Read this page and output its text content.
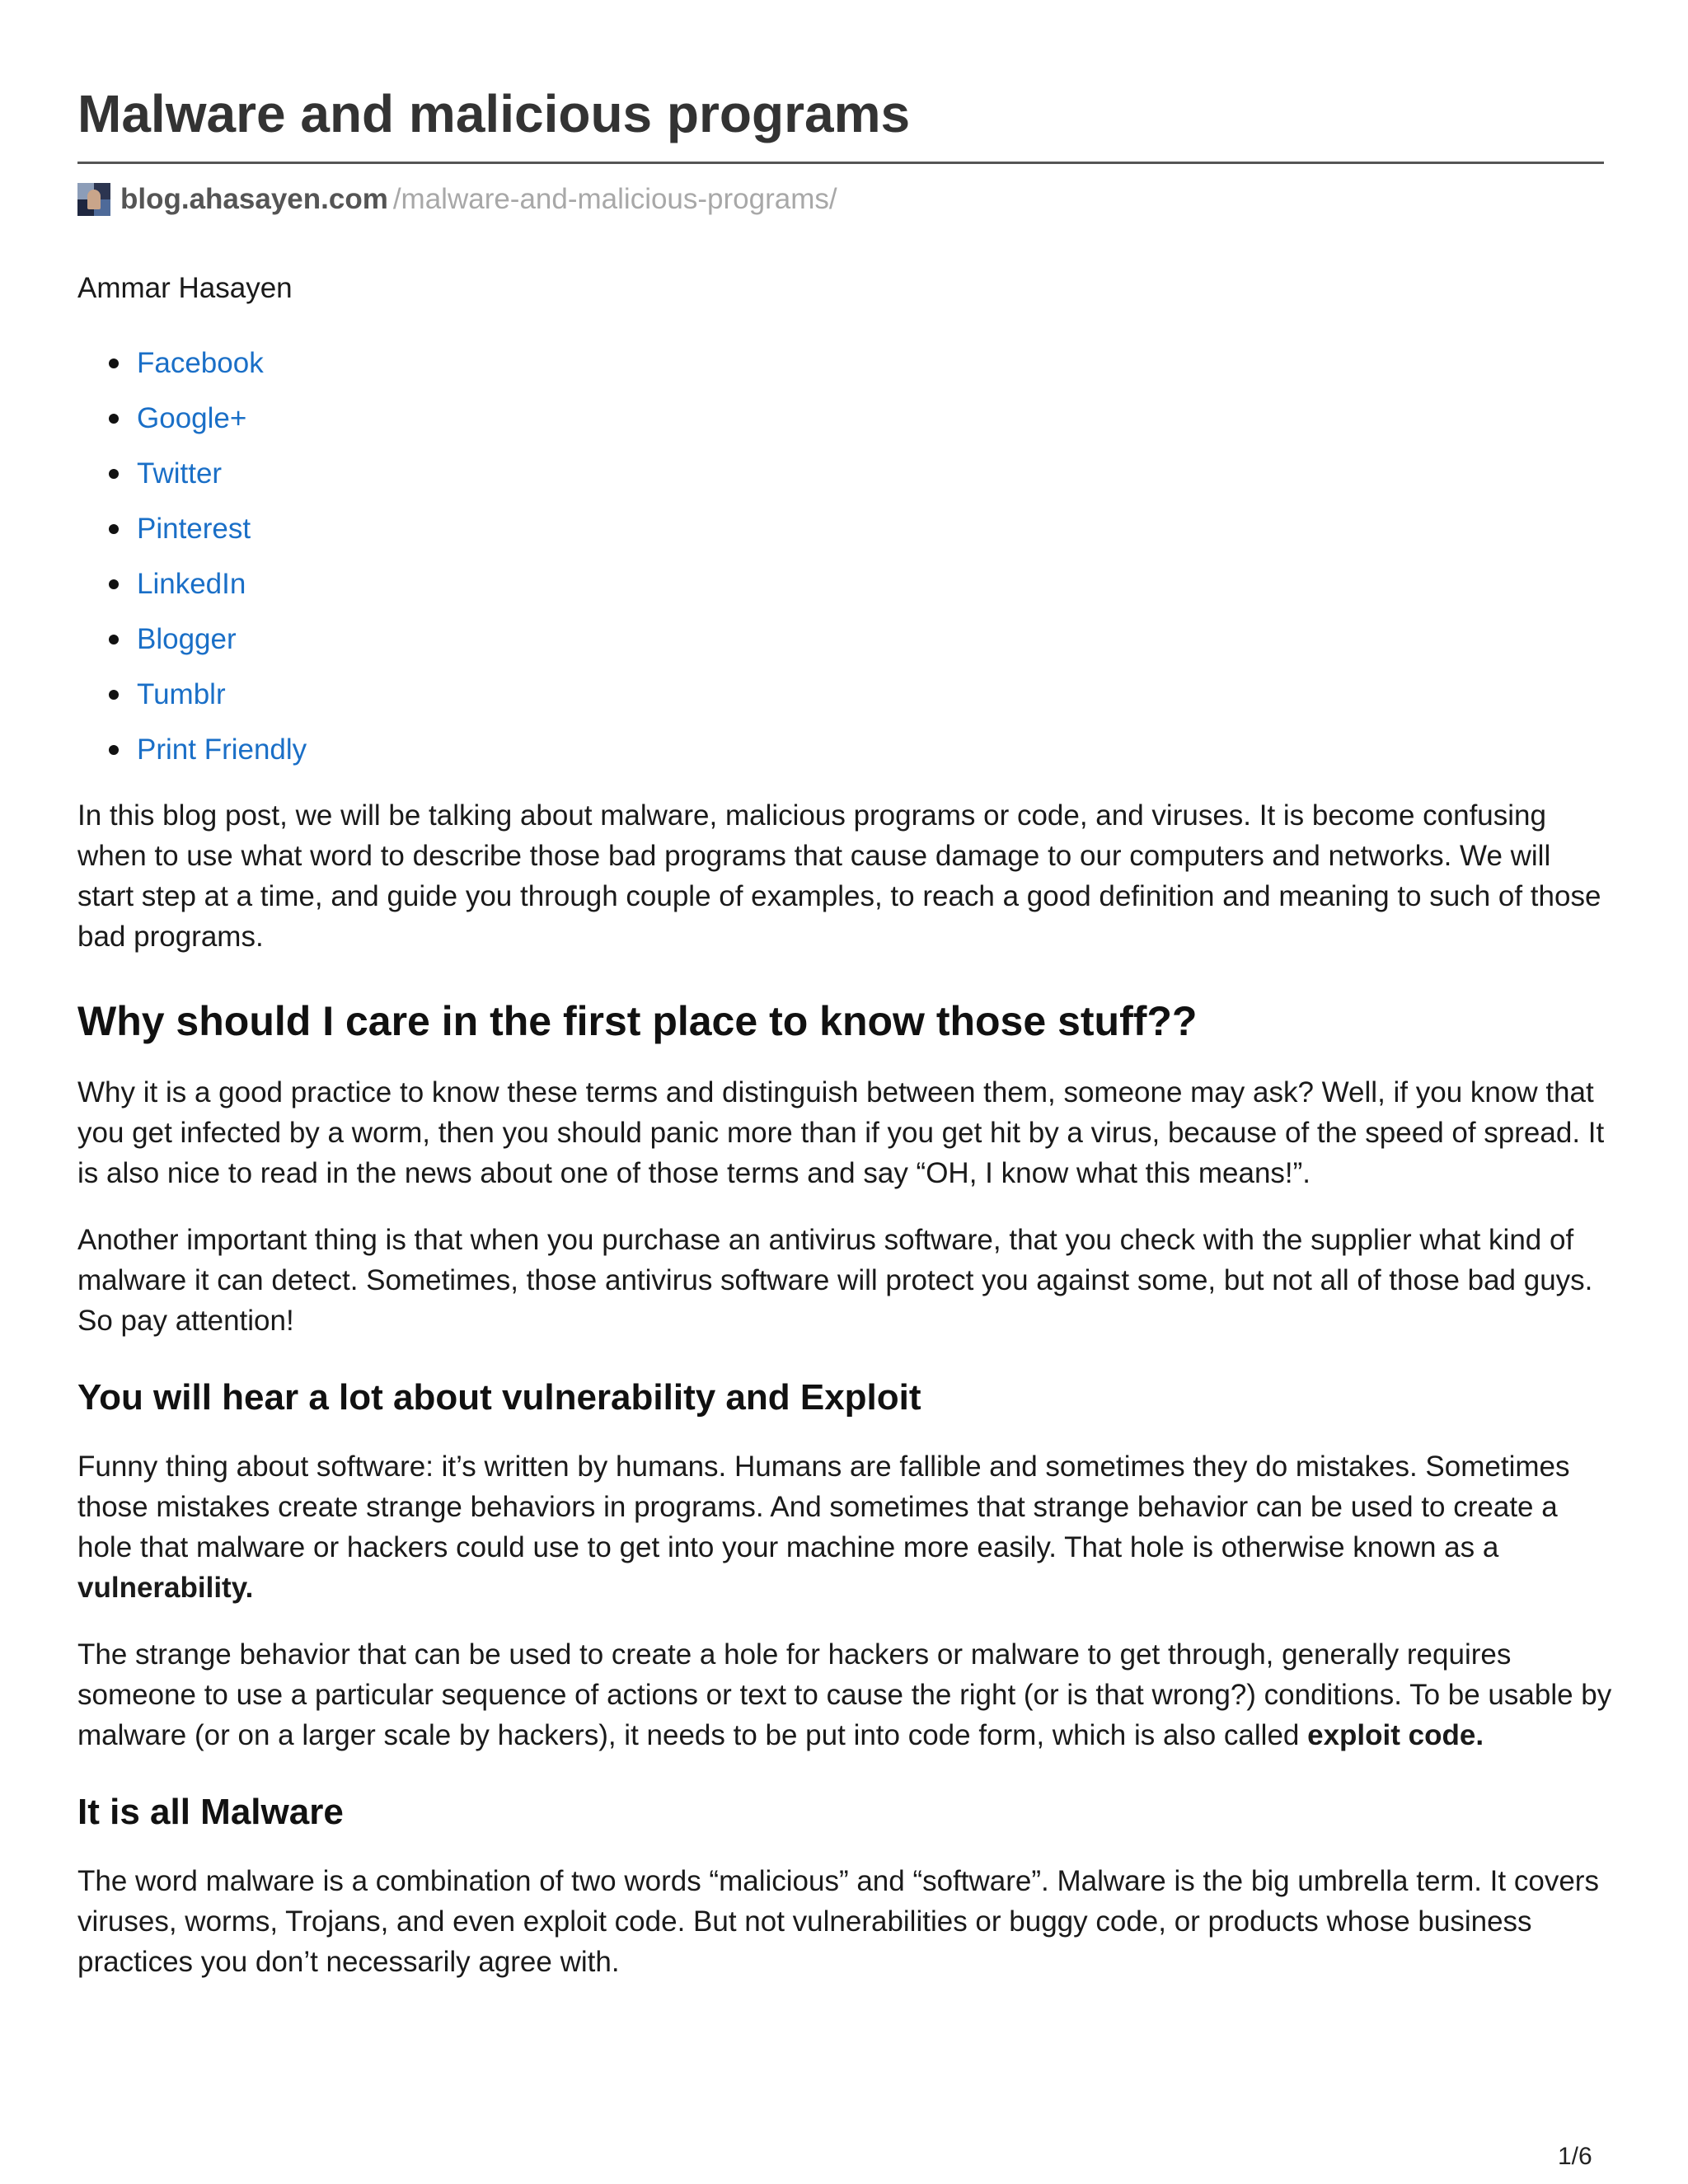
Malware and malicious programs
blog.ahasayen.com /malware-and-malicious-programs/
Ammar Hasayen
Facebook
Google+
Twitter
Pinterest
LinkedIn
Blogger
Tumblr
Print Friendly

In this blog post, we will be talking about malware, malicious programs or code, and viruses. It is become confusing when to use what word to describe those bad programs that cause damage to our computers and networks. We will start step at a time, and guide you through couple of examples, to reach a good definition and meaning to such of those bad programs.

Why should I care in the first place to know those stuff??

Why it is a good practice to know these terms and distinguish between them, someone may ask? Well, if you know that you get infected by a worm, then you should panic more than if you get hit by a virus, because of the speed of spread. It is also nice to read in the news about one of those terms and say “OH, I know what this means!”.

Another important thing is that when you purchase an antivirus software, that you check with the supplier what kind of malware it can detect. Sometimes, those antivirus software will protect you against some, but not all of those bad guys. So pay attention!

You will hear a lot about vulnerability and Exploit

Funny thing about software: it’s written by humans. Humans are fallible and sometimes they do mistakes. Sometimes those mistakes create strange behaviors in programs. And sometimes that strange behavior can be used to create a hole that malware or hackers could use to get into your machine more easily. That hole is otherwise known as a vulnerability.

The strange behavior that can be used to create a hole for hackers or malware to get through, generally requires someone to use a particular sequence of actions or text to cause the right (or is that wrong?) conditions. To be usable by malware (or on a larger scale by hackers), it needs to be put into code form, which is also called exploit code.

It is all Malware

The word malware is a combination of two words “malicious” and “software”. Malware is the big umbrella term. It covers viruses, worms, Trojans, and even exploit code. But not vulnerabilities or buggy code, or products whose business practices you don’t necessarily agree with.

1/6
